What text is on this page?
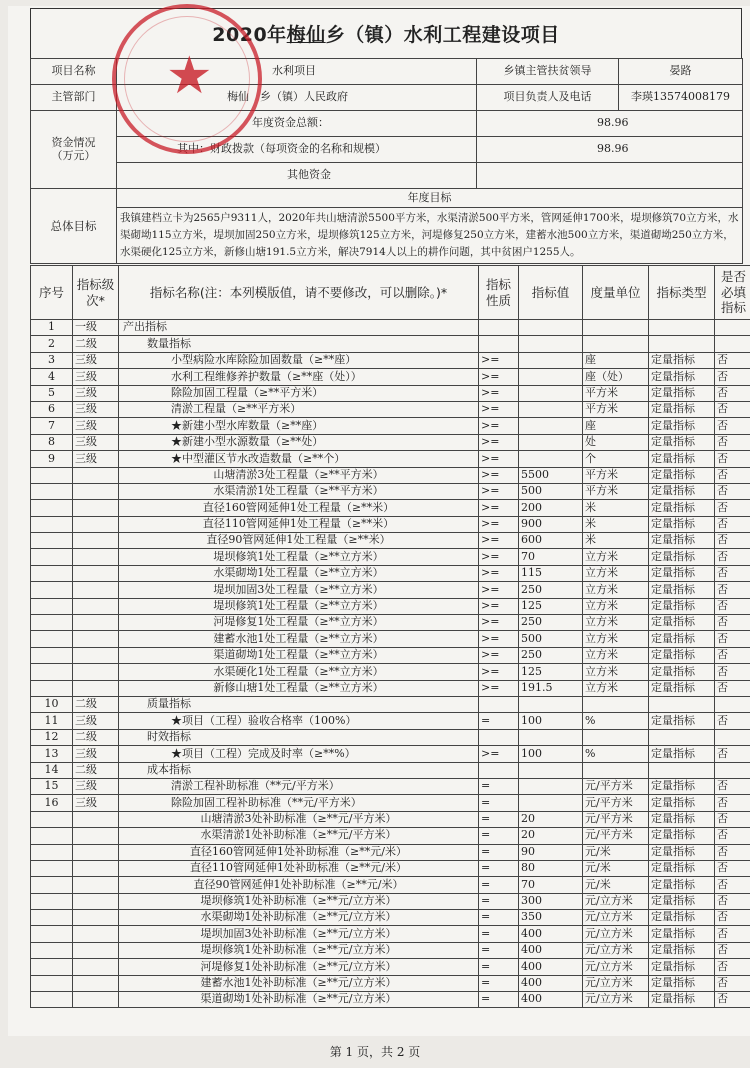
2020年 梅仙 乡（镇）水利工程建设项目
项目名称	水利项目	乡镇主管扶贫领导	晏路
主管部门	梅仙　乡（镇）人民政府	项目负责人及电话	李瑛13574008179
资金情况
（万元）	年度资金总额：	98.96	
	其中：财政拨款（每项资金的名称和规模）	98.96	
	其他资金		
总体目标	年度目标		
	我镇建档立卡为2565户9311人，2020年共山塘清淤5500平方米，水渠清淤500平方米，管网延伸1700米，堤坝修筑70立方米，水渠砌坳115立方米，堤坝加固250立方米，堤坝修筑125立方米，河堤修复250立方米，建蓄水池500立方米，渠道砌坳250立方米，水渠硬化125立方米，新修山塘191.5立方米，解决7914人以上的耕作问题，其中贫困户1255人。		
序号	指标级次*	指标名称(注：本列模版值，请不要修改，可以删除。)*	指标性质	指标值	度量单位	指标类型	是否必填指标
1	一级	产出指标					
2	二级	数量指标					
3	三级	小型病险水库除险加固数量（≥**座）	>=		座	定量指标	否
4	三级	水利工程维修养护数量（≥**座（处））	>=		座（处）	定量指标	否
5	三级	除险加固工程量（≥**平方米）	>=		平方米	定量指标	否
6	三级	清淤工程量（≥**平方米）	>=		平方米	定量指标	否
7	三级	★新建小型水库数量（≥**座）	>=		座	定量指标	否
8	三级	★新建小型水源数量（≥**处）	>=		处	定量指标	否
9	三级	★中型灌区节水改造数量（≥**个）	>=		个	定量指标	否
		山塘清淤3处工程量（≥**平方米）	>=	5500	平方米	定量指标	否
		水渠清淤1处工程量（≥**平方米）	>=	500	平方米	定量指标	否
		直径160管网延伸1处工程量（≥**米）	>=	200	米	定量指标	否
		直径110管网延伸1处工程量（≥**米）	>=	900	米	定量指标	否
		直径90管网延伸1处工程量（≥**米）	>=	600	米	定量指标	否
		堤坝修筑1处工程量（≥**立方米）	>=	70	立方米	定量指标	否
		水渠砌坳1处工程量（≥**立方米）	>=	115	立方米	定量指标	否
		堤坝加固3处工程量（≥**立方米）	>=	250	立方米	定量指标	否
		堤坝修筑1处工程量（≥**立方米）	>=	125	立方米	定量指标	否
		河堤修复1处工程量（≥**立方米）	>=	250	立方米	定量指标	否
		建蓄水池1处工程量（≥**立方米）	>=	500	立方米	定量指标	否
		渠道砌坳1处工程量（≥**立方米）	>=	250	立方米	定量指标	否
		水渠硬化1处工程量（≥**立方米）	>=	125	立方米	定量指标	否
		新修山塘1处工程量（≥**立方米）	>=	191.5	立方米	定量指标	否
10	二级	质量指标					
11	三级	★项目（工程）验收合格率（100%）	=	100	%	定量指标	否
12	二级	时效指标					
13	三级	★项目（工程）完成及时率（≥**%）	>=	100	%	定量指标	否
14	二级	成本指标					
15	三级	清淤工程补助标准（**元/平方米）	=		元/平方米	定量指标	否
16	三级	除险加固工程补助标准（**元/平方米）	=		元/平方米	定量指标	否
		山塘清淤3处补助标准（≥**元/平方米）	=	20	元/平方米	定量指标	否
		水渠清淤1处补助标准（≥**元/平方米）	=	20	元/平方米	定量指标	否
		直径160管网延伸1处补助标准（≥**元/米）	=	90	元/米	定量指标	否
		直径110管网延伸1处补助标准（≥**元/米）	=	80	元/米	定量指标	否
		直径90管网延伸1处补助标准（≥**元/米）	=	70	元/米	定量指标	否
		堤坝修筑1处补助标准（≥**元/立方米）	=	300	元/立方米	定量指标	否
		水渠砌坳1处补助标准（≥**元/立方米）	=	350	元/立方米	定量指标	否
		堤坝加固3处补助标准（≥**元/立方米）	=	400	元/立方米	定量指标	否
		堤坝修筑1处补助标准（≥**元/立方米）	=	400	元/立方米	定量指标	否
		河堤修复1处补助标准（≥**元/立方米）	=	400	元/立方米	定量指标	否
		建蓄水池1处补助标准（≥**元/立方米）	=	400	元/立方米	定量指标	否
		渠道砌坳1处补助标准（≥**元/立方米）	=	400	元/立方米	定量指标	否
★
第 1 页，共 2 页
